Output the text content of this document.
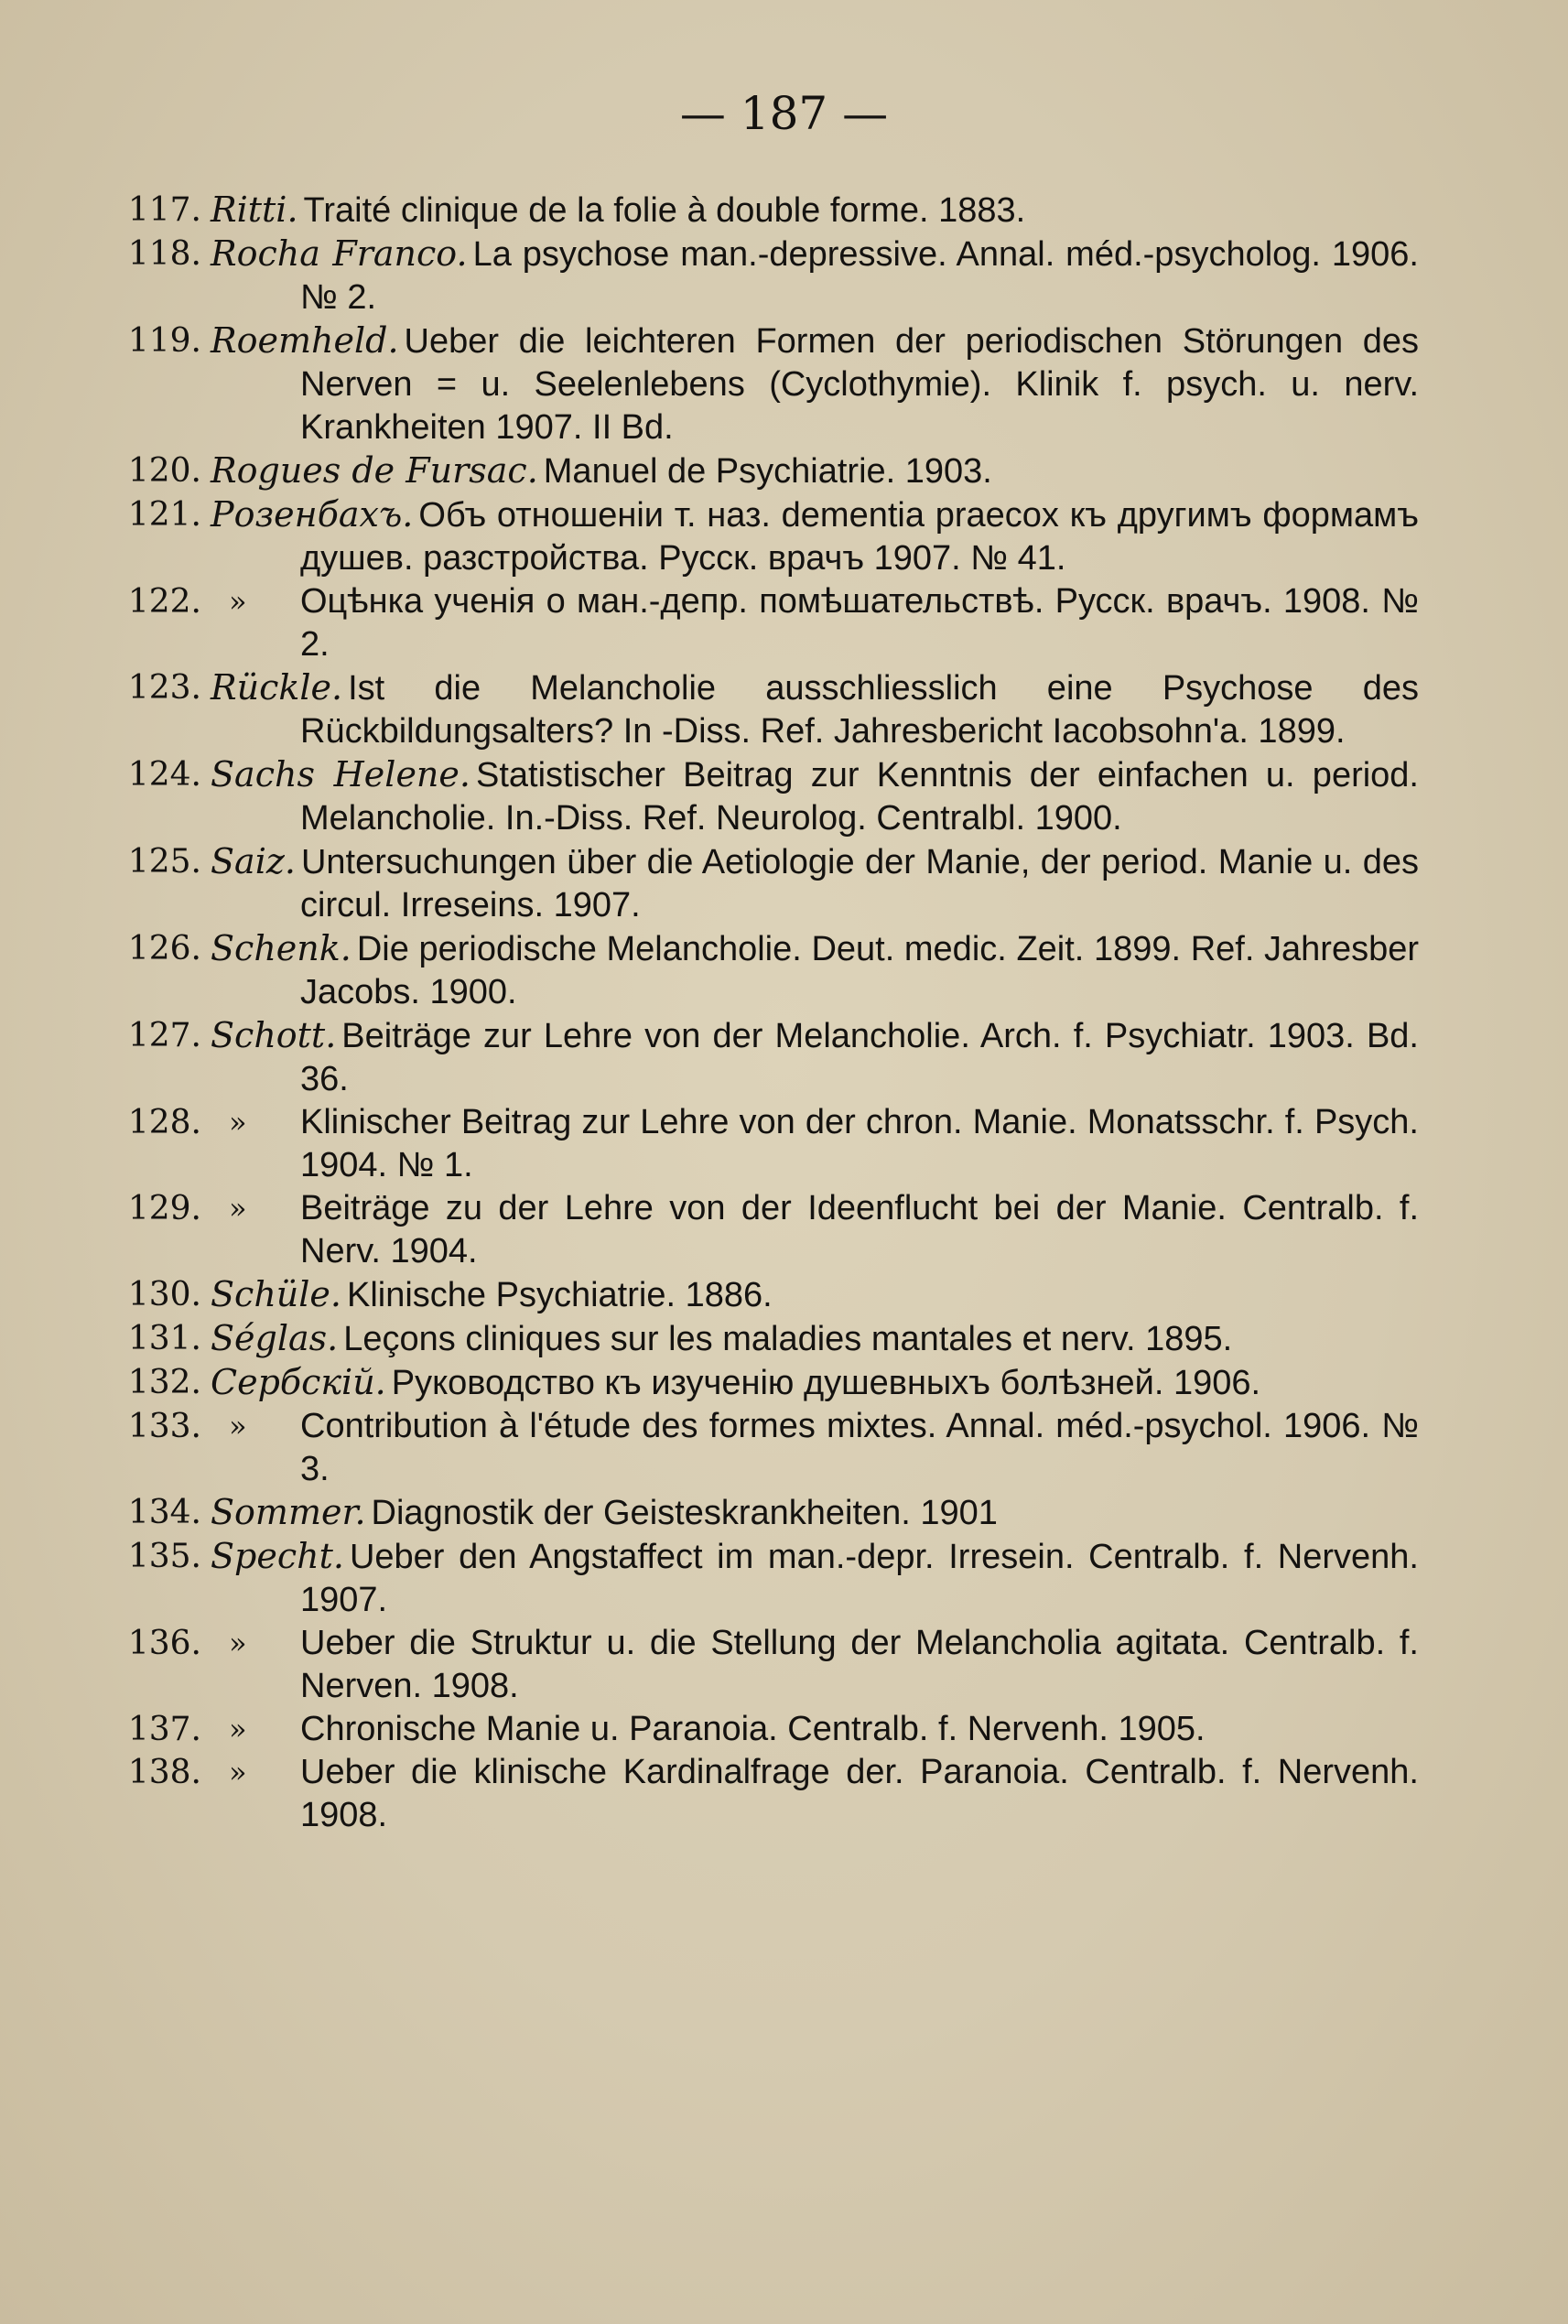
— 187 —
117. Ritti. Traité clinique de la folie à double forme. 1883.
118. Rocha Franco. La psychose man.-depressive. Annal. méd.-psycholog. 1906. № 2.
119. Roemheld. Ueber die leichteren Formen der periodischen Störungen des Nerven = u. Seelenlebens (Cyclothymie). Klinik f. psych. u. nerv. Krankheiten 1907. II Bd.
120. Rogues de Fursac. Manuel de Psychiatrie. 1903.
121. Розенбахъ. Объ отношенiи т. наз. dementia praecox къ другимъ формамъ душев. разстройства. Русск. врачъ 1907. № 41.
122. » Оцѣнка ученiя о ман.-депр. помѣшательствѣ. Русск. врачъ. 1908. № 2.
123. Rückle. Ist die Melancholie ausschliesslich eine Psychose des Rückbildungsalters? In -Diss. Ref. Jahresbericht Iacobsohn'a. 1899.
124. Sachs Helene. Statistischer Beitrag zur Kenntnis der einfachen u. period. Melancholie. In.-Diss. Ref. Neurolog. Centralbl. 1900.
125. Saiz. Untersuchungen über die Aetiologie der Manie, der period. Manie u. des circul. Irreseins. 1907.
126. Schenk. Die periodische Melancholie. Deut. medic. Zeit. 1899. Ref. Jahresber Jacobs. 1900.
127. Schott. Beiträge zur Lehre von der Melancholie. Arch. f. Psychiatr. 1903. Bd. 36.
128. » Klinischer Beitrag zur Lehre von der chron. Manie. Monatsschr. f. Psych. 1904. № 1.
129. » Beiträge zu der Lehre von der Ideenflucht bei der Manie. Centralb. f. Nerv. 1904.
130. Schüle. Klinische Psychiatrie. 1886.
131. Séglas. Leçons cliniques sur les maladies mantales et nerv. 1895.
132. Сербскiй. Руководство къ изученiю душевныхъ болѣзней. 1906.
133. » Contribution à l'étude des formes mixtes. Annal. méd.-psychol. 1906. № 3.
134. Sommer. Diagnostik der Geisteskrankheiten. 1901
135. Specht. Ueber den Angstaffect im man.-depr. Irresein. Centralb. f. Nervenh. 1907.
136. » Ueber die Struktur u. die Stellung der Melancholia agitata. Centralb. f. Nerven. 1908.
137. » Chronische Manie u. Paranoia. Centralb. f. Nervenh. 1905.
138. » Ueber die klinische Kardinalfrage der. Paranoia. Centralb. f. Nervenh. 1908.
